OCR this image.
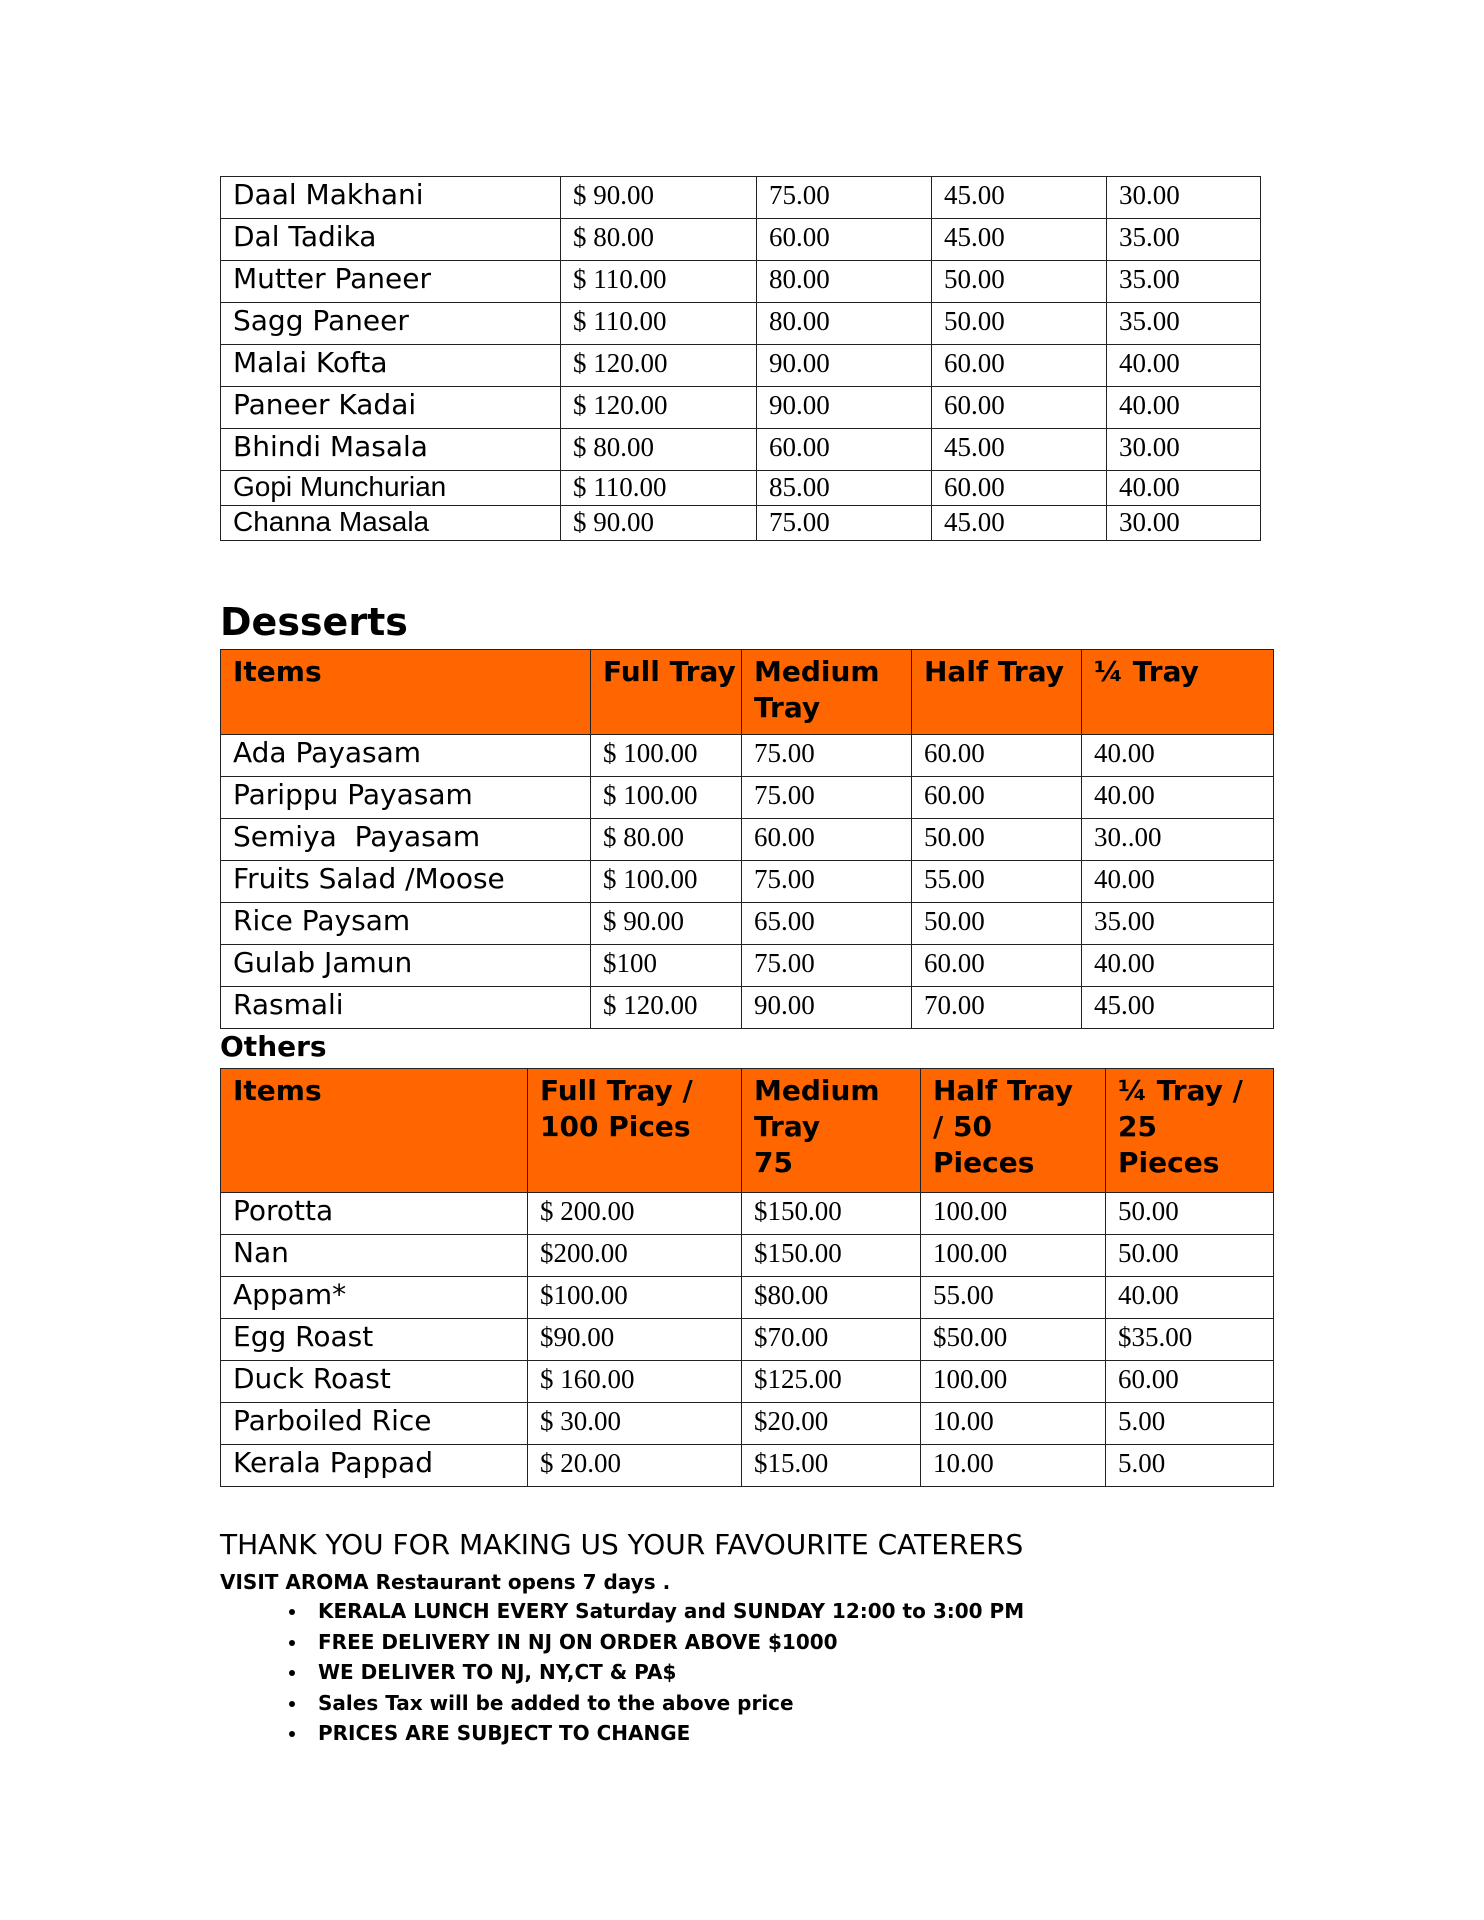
Daal Makhani	$ 90.00	75.00	45.00	30.00
Dal Tadika	$ 80.00	60.00	45.00	35.00
Mutter Paneer	$ 110.00	80.00	50.00	35.00
Sagg Paneer	$ 110.00	80.00	50.00	35.00
Malai Kofta	$ 120.00	90.00	60.00	40.00
Paneer Kadai	$ 120.00	90.00	60.00	40.00
Bhindi Masala	$ 80.00	60.00	45.00	30.00
Gopi Munchurian	$ 110.00	85.00	60.00	40.00
Channa Masala	$ 90.00	75.00	45.00	30.00
Desserts
Items	Full Tray	Medium Tray	Half Tray	¼ Tray
Ada Payasam	$ 100.00	75.00	60.00	40.00
Parippu Payasam	$ 100.00	75.00	60.00	40.00
Semiya  Payasam	$ 80.00	60.00	50.00	30..00
Fruits Salad /Moose	$ 100.00	75.00	55.00	40.00
Rice Paysam	$ 90.00	65.00	50.00	35.00
Gulab Jamun	$100	75.00	60.00	40.00
Rasmali	$ 120.00	90.00	70.00	45.00
Others
Items	Full Tray / 100 Pices	Medium Tray 75	Half Tray / 50 Pieces	¼ Tray / 25 Pieces
Porotta	$ 200.00	$150.00	100.00	50.00
Nan	$200.00	$150.00	100.00	50.00
Appam*	$100.00	$80.00	55.00	40.00
Egg Roast	$90.00	$70.00	$50.00	$35.00
Duck Roast	$ 160.00	$125.00	100.00	60.00
Parboiled Rice	$ 30.00	$20.00	10.00	5.00
Kerala Pappad	$ 20.00	$15.00	10.00	5.00

THANK YOU FOR MAKING US YOUR FAVOURITE CATERERS

VISIT AROMA Restaurant opens 7 days .

• KERALA LUNCH EVERY Saturday and SUNDAY 12:00 to 3:00 PM
• FREE DELIVERY IN NJ ON ORDER ABOVE $1000
• WE DELIVER TO NJ, NY,CT & PA$
• Sales Tax will be added to the above price
• PRICES ARE SUBJECT TO CHANGE
